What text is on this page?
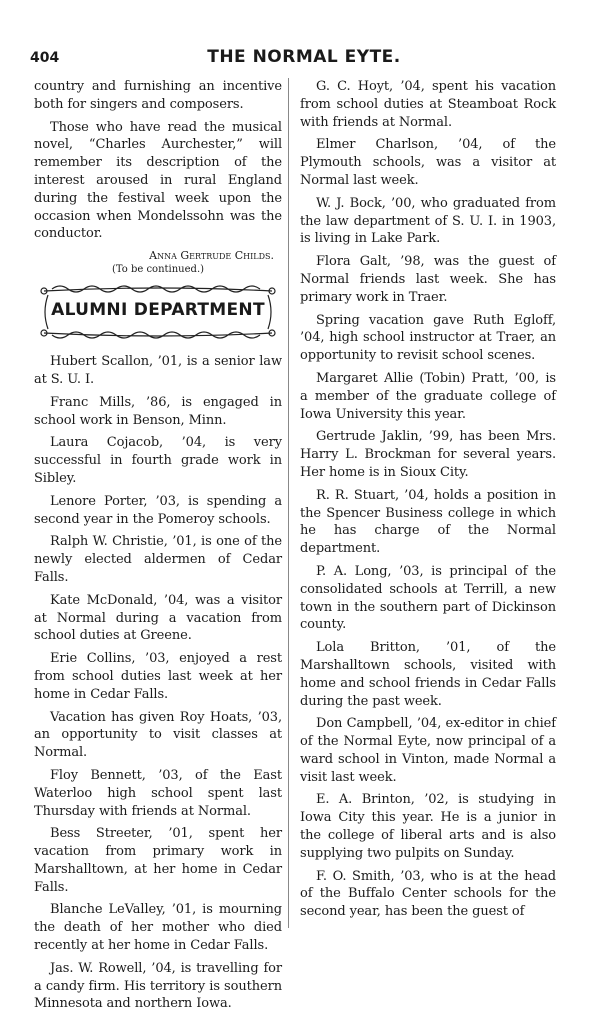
404	THE NORMAL EYTE.

country and furnishing an incentive both for singers and composers.

Those who have read the musical novel, “Charles Aurchester,” will remember its description of the interest aroused in rural England during the festival week upon the occasion when Mondelssohn was the conductor.

Anna Gertrude Childs.
(To be continued.)
ALUMNI DEPARTMENT

Hubert Scallon, ’01, is a senior law at S. U. I.

Franc Mills, ’86, is engaged in school work in Benson, Minn.

Laura Cojacob, ’04, is very successful in fourth grade work in Sibley.

Lenore Porter, ’03, is spending a second year in the Pomeroy schools.

Ralph W. Christie, ’01, is one of the newly elected aldermen of Cedar Falls.

Kate McDonald, ’04, was a visitor at Normal during a vacation from school duties at Greene.

Erie Collins, ’03, enjoyed a rest from school duties last week at her home in Cedar Falls.

Vacation has given Roy Hoats, ’03, an opportunity to visit classes at Normal.

Floy Bennett, ’03, of the East Waterloo high school spent last Thursday with friends at Normal.

Bess Streeter, ’01, spent her vacation from primary work in Marshalltown, at her home in Cedar Falls.

Blanche LeValley, ’01, is mourning the death of her mother who died recently at her home in Cedar Falls.

Jas. W. Rowell, ’04, is travelling for a candy firm. His territory is southern Minnesota and northern Iowa.

G. C. Hoyt, ’04, spent his vacation from school duties at Steamboat Rock with friends at Normal.

Elmer Charlson, ’04, of the Plymouth schools, was a visitor at Normal last week.

W. J. Bock, ’00, who graduated from the law department of S. U. I. in 1903, is living in Lake Park.

Flora Galt, ’98, was the guest of Normal friends last week. She has primary work in Traer.

Spring vacation gave Ruth Egloff, ’04, high school instructor at Traer, an opportunity to revisit school scenes.

Margaret Allie (Tobin) Pratt, ’00, is a member of the graduate college of Iowa University this year.

Gertrude Jaklin, ’99, has been Mrs. Harry L. Brockman for several years. Her home is in Sioux City.

R. R. Stuart, ’04, holds a position in the Spencer Business college in which he has charge of the Normal department.

P. A. Long, ’03, is principal of the consolidated schools at Terrill, a new town in the southern part of Dickinson county.

Lola Britton, ’01, of the Marshalltown schools, visited with home and school friends in Cedar Falls during the past week.

Don Campbell, ’04, ex-editor in chief of the Normal Eyte, now principal of a ward school in Vinton, made Normal a visit last week.

E. A. Brinton, ’02, is studying in Iowa City this year. He is a junior in the college of liberal arts and is also supplying two pulpits on Sunday.

F. O. Smith, ’03, who is at the head of the Buffalo Center schools for the second year, has been the guest of
